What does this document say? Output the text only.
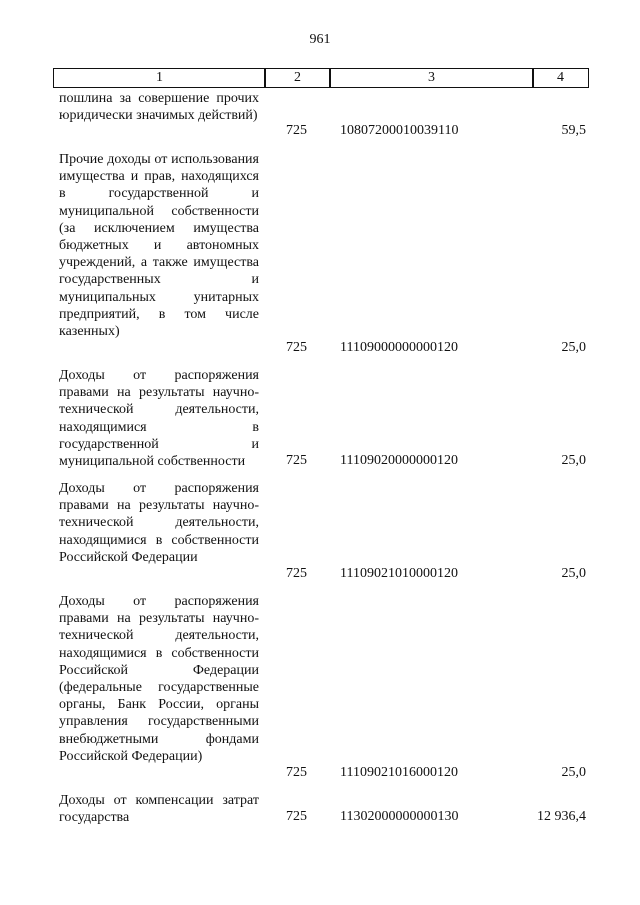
961
1	2	3	4
пошлина за совершение прочих юридически значимых действий)
725	10807200010039110	59,5
Прочие доходы от использования имущества и прав, находящихся в государственной и муниципальной собственности (за исключением имущества бюджетных и автономных учреждений, а также имущества государственных и муниципальных унитарных предприятий, в том числе казенных)
725	11109000000000120	25,0
Доходы от распоряжения правами на результаты научно-технической деятельности, находящимися в государственной и муниципальной собственности	725	11109020000000120	25,0
Доходы от распоряжения правами на результаты научно-технической деятельности, находящимися в собственности Российской Федерации
725	11109021010000120	25,0
Доходы от распоряжения правами на результаты научно-технической деятельности, находящимися в собственности Российской Федерации (федеральные государственные органы, Банк России, органы управления государственными внебюджетными фондами Российской Федерации)
725	11109021016000120	25,0
Доходы от компенсации затрат государства	725	11302000000000130	12 936,4
